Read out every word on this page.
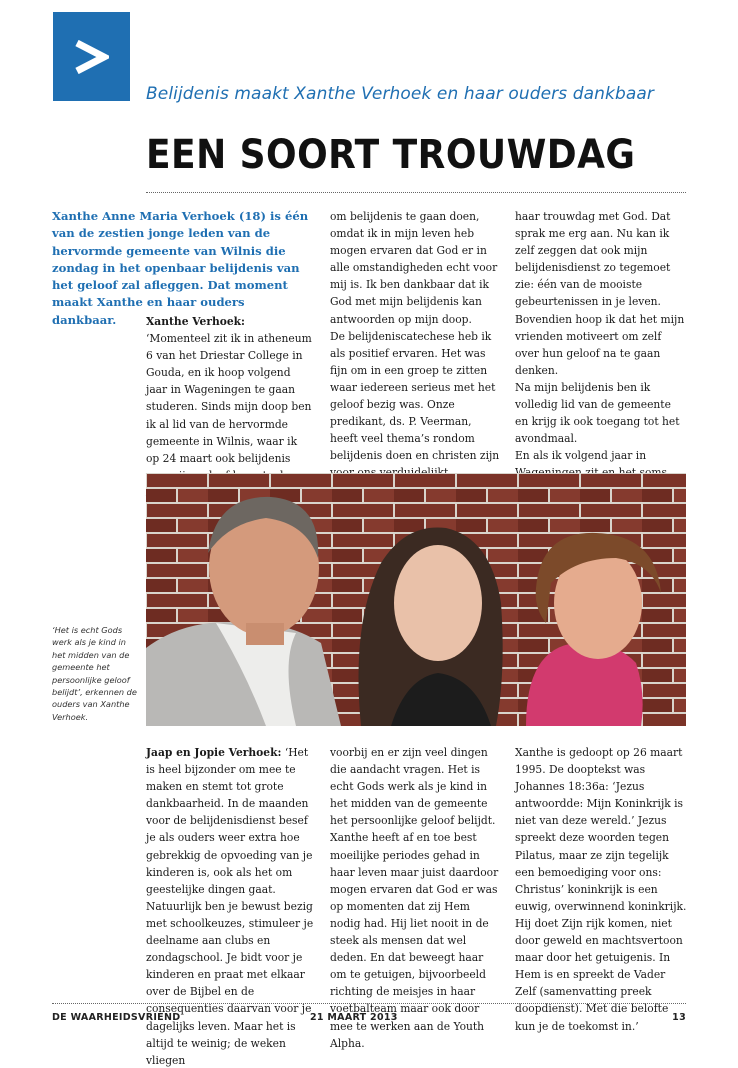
Belijdenis maakt Xanthe Verhoek en haar ouders dankbaar
EEN SOORT TROUWDAG

Xanthe Anne Maria Verhoek (18) is één van de zestien jonge leden van de hervormde gemeente van Wilnis die zondag in het openbaar belijdenis van het geloof zal afleggen. Dat moment maakt Xanthe en haar ouders dankbaar.	Xanthe Verhoek: ‘Momenteel zit ik in atheneum 6 van het Driestar College in Gouda, en ik hoop volgend jaar in Wageningen te gaan studeren. Sinds mijn doop ben ik al lid van de hervormde gemeente in Wilnis, waar ik op 24 maart ook belijdenis

om belijdenis te gaan doen, omdat ik in mijn leven heb mogen ervaren dat God er in alle omstandigheden echt voor mij is. Ik ben dankbaar dat ik God met mijn belijdenis kan antwoorden op mijn doop.

De belijdeniscatechese heb ik als positief ervaren. Het was fijn om in een groep te zitten waar iedereen serieus met het geloof bezig was. Onze predikant, ds. P. Veerman, heeft veel thema’s rondom belijdenis doen en christen zijn

haar trouwdag met God. Dat sprak me erg aan. Nu kan ik zelf zeggen dat ook mijn belijdenisdienst zo tegemoet zie: één van de mooiste gebeurtenissen in je leven. Bovendien hoop ik dat het mijn vrienden motiveert om zelf over hun geloof na te gaan denken.

Na mijn belijdenis ben ik volledig lid van de gemeente en krijg ik ook toegang tot het avondmaal.

En als ik volgend jaar in

‘Het is echt Gods werk als je kind in het midden van de gemeente het persoonlijke geloof belijdt’, erkennen de ouders van Xanthe Verhoek.

Jaap en Jopie Verhoek: ‘Het is heel bijzonder om mee te maken en stemt tot grote dankbaarheid. In de maanden voor de belijdenisdienst besef je als ouders weer extra hoe gebrekkig de opvoeding van je kinderen is, ook als het om geestelijke dingen gaat. Natuurlijk ben je bewust bezig met schoolkeuzes, stimuleer je deelname aan clubs en zondagschool. Je bidt voor je kinderen en praat met elkaar over de Bijbel en de consequenties daarvan voor je dagelijks leven. Maar het is altijd te weinig; de weken vliegen

voorbij en er zijn veel dingen die aandacht vragen. Het is echt Gods werk als je kind in het midden van de gemeente het persoonlijke geloof belijdt.

Xanthe heeft af en toe best moeilijke periodes gehad in haar leven maar juist daardoor mogen ervaren dat God er was op momenten dat zij Hem nodig had. Hij liet nooit in de steek als mensen dat wel deden. En dat beweegt haar om te getuigen, bijvoorbeeld richting de meisjes in haar voetbalteam maar ook door mee te werken aan de Youth Alpha.

Xanthe is gedoopt op 26 maart 1995. De dooptekst was Johannes 18:36a: ‘Jezus antwoordde: Mijn Koninkrijk is niet van deze wereld.’ Jezus spreekt deze woorden tegen Pilatus, maar ze zijn tegelijk een bemoediging voor ons: Christus’ koninkrijk is een euwig, overwinnend koninkrijk. Hij doet Zijn rijk komen, niet door geweld en machtsvertoon maar door het getuigenis. In Hem is en spreekt de Vader Zelf (samenvatting preek doopdienst). Met die belofte kun je de toekomst in.’

DE WAARHEIDSVRIEND	21 MAART 2013	13
